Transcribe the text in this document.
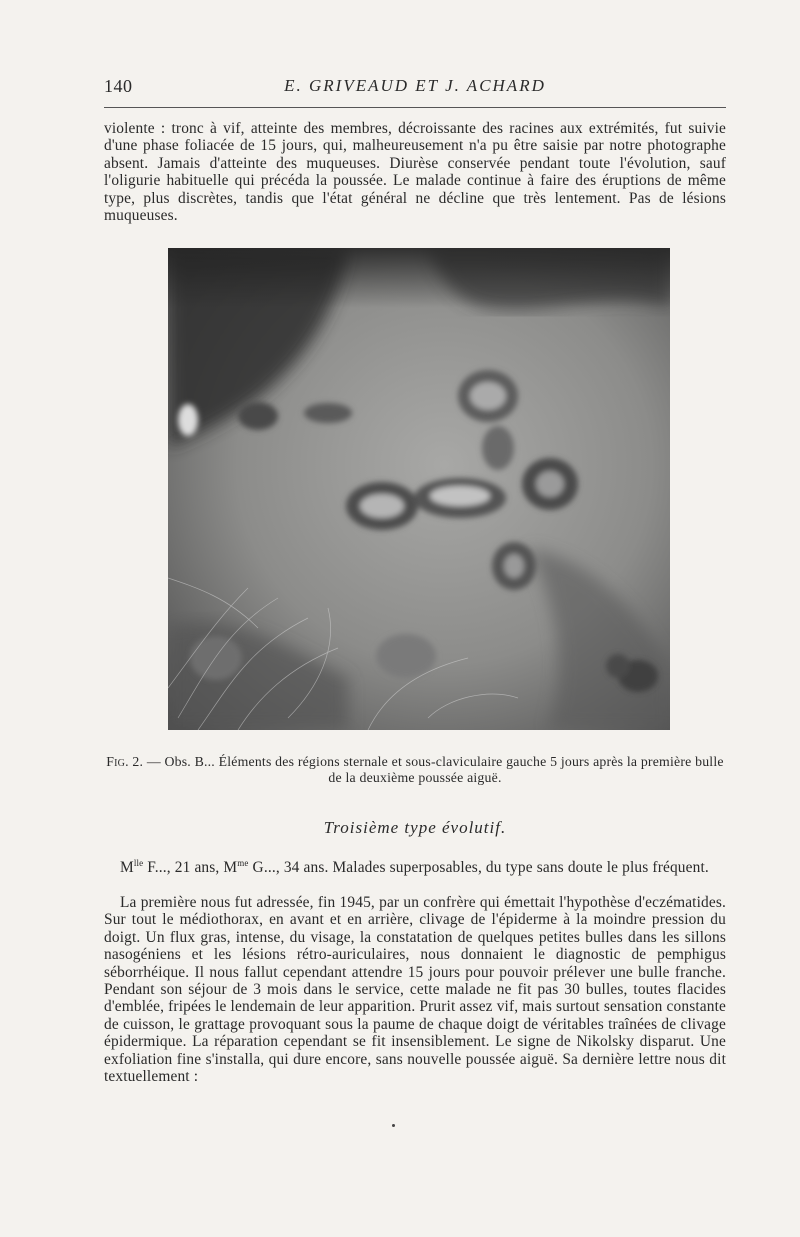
140	E. GRIVEAUD ET J. ACHARD

violente : tronc à vif, atteinte des membres, décroissante des racines aux extrémités, fut suivie d'une phase foliacée de 15 jours, qui, malheureusement n'a pu être saisie par notre photographe absent. Jamais d'atteinte des muqueuses. Diurèse conservée pendant toute l'évolution, sauf l'oligurie habituelle qui précéda la poussée. Le malade continue à faire des éruptions de même type, plus discrètes, tandis que l'état général ne décline que très lentement. Pas de lésions muqueuses.

Fig. 2. — Obs. B... Éléments des régions sternale et sous-claviculaire gauche 5 jours après la première bulle de la deuxième poussée aiguë.
Troisième type évolutif.

$M^{lle}$ F..., 21 ans, $M^{me}$ G..., 34 ans. Malades superposables, du type sans doute le plus fréquent.

La première nous fut adressée, fin 1945, par un confrère qui émettait l'hypothèse d'eczématides. Sur tout le médiothorax, en avant et en arrière, clivage de l'épiderme à la moindre pression du doigt. Un flux gras, intense, du visage, la constatation de quelques petites bulles dans les sillons nasogéniens et les lésions rétro-auriculaires, nous donnaient le diagnostic de pemphigus séborrhéique. Il nous fallut cependant attendre 15 jours pour pouvoir prélever une bulle franche. Pendant son séjour de 3 mois dans le service, cette malade ne fit pas 30 bulles, toutes flacides d'emblée, fripées le lendemain de leur apparition. Prurit assez vif, mais surtout sensation constante de cuisson, le grattage provoquant sous la paume de chaque doigt de véritables traînées de clivage épidermique. La réparation cependant se fit insensiblement. Le signe de Nikolsky disparut. Une exfoliation fine s'installa, qui dure encore, sans nouvelle poussée aiguë. Sa dernière lettre nous dit textuellement :
